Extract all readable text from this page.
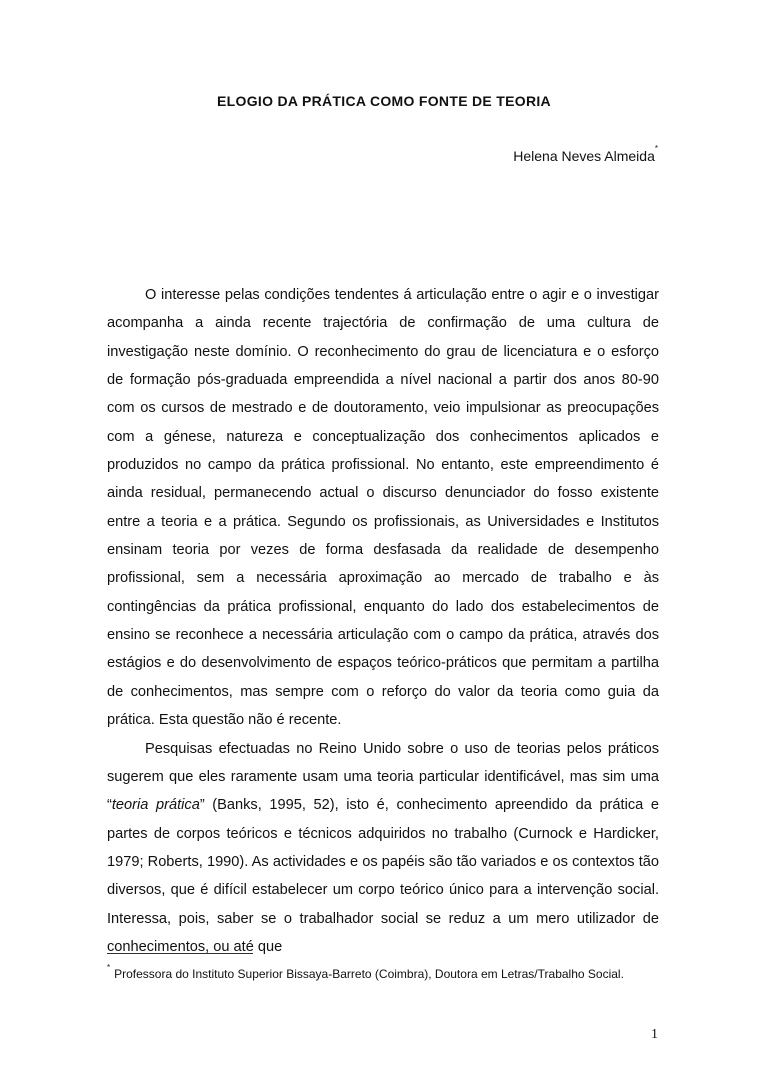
ELOGIO DA PRÁTICA COMO FONTE DE TEORIA
Helena Neves Almeida*

O interesse pelas condições tendentes á articulação entre o agir e o investigar acompanha a ainda recente trajectória de confirmação de uma cultura de investigação neste domínio. O reconhecimento do grau de licenciatura e o esforço de formação pós-graduada empreendida a nível nacional a partir dos anos 80-90 com os cursos de mestrado e de doutoramento, veio impulsionar as preocupações com a génese, natureza e conceptualização dos conhecimentos aplicados e produzidos no campo da prática profissional. No entanto, este empreendimento é ainda residual, permanecendo actual o discurso denunciador do fosso existente entre a teoria e a prática. Segundo os profissionais, as Universidades e Institutos ensinam teoria por vezes de forma desfasada da realidade de desempenho profissional, sem a necessária aproximação ao mercado de trabalho e às contingências da prática profissional, enquanto do lado dos estabelecimentos de ensino se reconhece a necessária articulação com o campo da prática, através dos estágios e do desenvolvimento de espaços teórico-práticos que permitam a partilha de conhecimentos, mas sempre com o reforço do valor da teoria como guia da prática. Esta questão não é recente.

Pesquisas efectuadas no Reino Unido sobre o uso de teorias pelos práticos sugerem que eles raramente usam uma teoria particular identificável, mas sim uma “teoria prática” (Banks, 1995, 52), isto é, conhecimento apreendido da prática e partes de corpos teóricos e técnicos adquiridos no trabalho (Curnock e Hardicker, 1979; Roberts, 1990). As actividades e os papéis são tão variados e os contextos tão diversos, que é difícil estabelecer um corpo teórico único para a intervenção social. Interessa, pois, saber se o trabalhador social se reduz a um mero utilizador de conhecimentos, ou até que

* Professora do Instituto Superior Bissaya-Barreto (Coimbra), Doutora em Letras/Trabalho Social.
1
